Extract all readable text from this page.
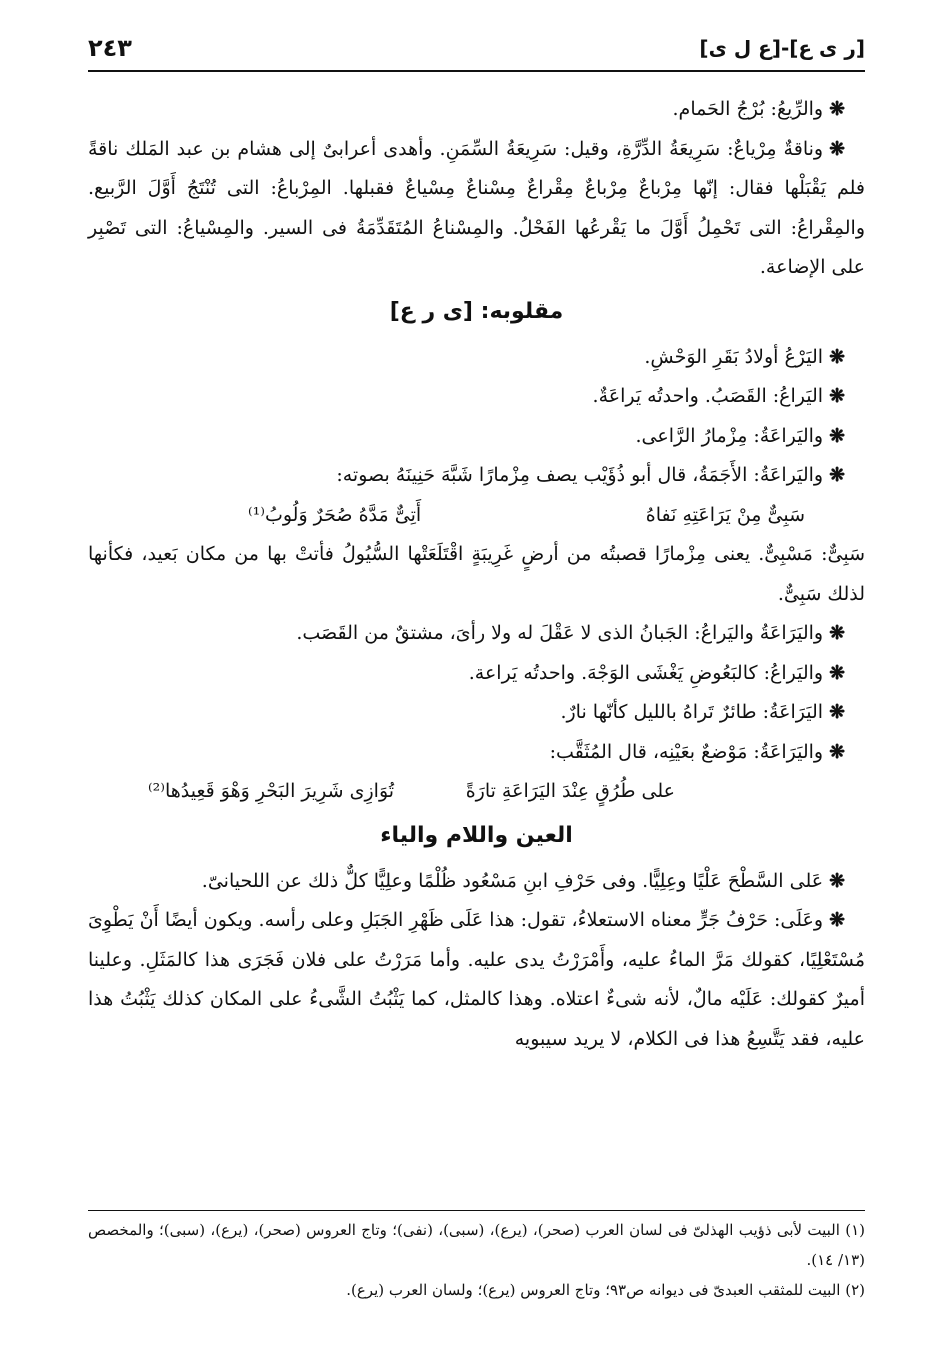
[ر ى ع]-[ع ل ى]
٢٤٣

❋والرِّيعُ: بُرْجُ الحَمام.

❋وناقةٌ مِرْياعٌ: سَرِيعَةُ الدِّرَّةِ، وقيل: سَرِيعَةُ السِّمَنِ. وأهدى أعرابىٌ إلى هشام بن عبد المَلك ناقةً فلم يَقْبَلْها فقال: إنّها مِرْباعٌ مِرْباعٌ مِقْراعٌ مِسْناعٌ مِسْياعٌ فقبلها. المِرْباعُ: التى تُنْتَجُ أَوَّلَ الرَّبيع. والمِقْراعُ: التى تَحْمِلُ أَوَّلَ ما يَقْرعُها الفَحْلُ. والمِسْناعُ المُتَقَدِّمَةُ فى السير. والمِسْياعُ: التى تَصْبِر على الإضاعة.

مقلوبه: [ى ر ع]

❋اليَرْعُ أولادُ بَقَرِ الوَحْشِ.

❋اليَراعُ: القَصَبُ. واحدتُه يَراعَةٌ.

❋واليَراعَةُ: مِزْمارُ الرَّاعى.

❋واليَراعَةُ: الأَجَمَةُ، قال أبو ذُؤَيْب يصف مِزْمارًا شَبَّهَ حَنِينَهُ بصوته:

سَبِىٌّ مِنْ يَرَاعَتِهِ نَفاهُ
أَتِىٌّ مَدَّهُ صُحَرٌ وَلُوبُ⁽¹⁾

سَبِىٌّ: مَسْبِىٌّ. يعنى مِزْمارًا قصبتُه من أرضٍ غَرِيبَةٍ اقْتَلَعَتْها السُّيُولُ فأتتْ بها من مكان بَعيد، فكأنها لذلك سَبِىٌّ.

❋واليَرَاعَةُ واليَراعُ: الجَبانُ الذى لا عَقْلَ له ولا رأىَ، مشتقٌ من القَصَب.

❋واليَراعُ: كالبَعُوضِ يَغْشَى الوَجْهَ. واحدتُه يَراعة.

❋اليَرَاعَةُ: طائرٌ تَراهُ بالليل كأنّها نارٌ.

❋واليَرَاعَةُ: مَوْضعٌ بعَيْنِه، قال المُثَقَّب:

على طُرُقٍ عِنْدَ اليَرَاعَةِ تارَةً
تُوَازِى شَرِيرَ البَحْرِ وَهْوَ قَعِيدُها⁽²⁾
العين واللام والياء

❋عَلى السَّطْحَ عَلْيًا وعِلِيًّا. وفى حَرْفِ ابنِ مَسْعُود ظُلْمًا وعلِيًّا كلٌّ ذلك عن اللحيانىّ.

❋وعَلَى: حَرْفُ جَرٍّ معناه الاستعلاءُ، تقول: هذا عَلَى ظَهْرِ الجَبَلِ وعلى رأسه. ويكون أيضًا أَنْ يَطْوِىَ مُسْتَعْلِيًا، كقولك مَرَّ الماءُ عليه، وأَمْرَرْتُ يدى عليه. وأما مَرَرْتُ على فلان فَجَرَى هذا كالمَثَلِ. وعلينا أميرٌ كقولك: عَلَيْه مالٌ، لأنه شىءٌ اعتلاه. وهذا كالمثل، كما يَثْبُتُ الشَّىءُ على المكان كذلك يَثْبُتُ هذا عليه، فقد يَتَّسِعُ هذا فى الكلام، لا يريد سيبويه

(١) البيت لأبى ذؤيب الهذلىّ فى لسان العرب (صحر)، (يرع)، (سبى)، (نفى)؛ وتاج العروس (صحر)، (يرع)، (سبى)؛ والمخصص (١٣/ ١٤).

(٢) البيت للمثقب العبدىّ فى ديوانه ص٩٣؛ وتاج العروس (يرع)؛ ولسان العرب (يرع).
